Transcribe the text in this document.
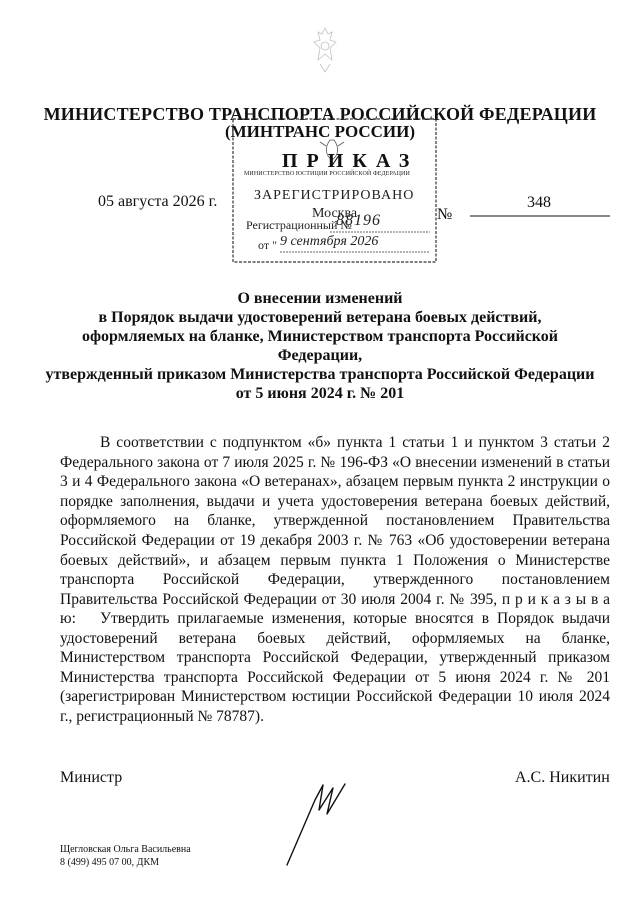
МИНИСТЕРСТВО ТРАНСПОРТА РОССИЙСКОЙ ФЕДЕРАЦИИ
(МИНТРАНС РОССИИ)
ПРИКАЗ
МИНИСТЕРСТВО ЮСТИЦИИ РОССИЙСКОЙ ФЕДЕРАЦИИ
ЗАРЕГИСТРИРОВАНО
Москва
Регистрационный №
88196
от " 9 сентября 2026
05 августа 2026 г.
№
348
О внесении изменений
в Порядок выдачи удостоверений ветерана боевых действий,
оформляемых на бланке, Министерством транспорта Российской Федерации,
утвержденный приказом Министерства транспорта Российской Федерации
от 5 июня 2024 г. № 201
В соответствии с подпунктом «б» пункта 1 статьи 1 и пунктом 3 статьи 2 Федерального закона от 7 июля 2025 г. № 196-ФЗ «О внесении изменений в статьи 3 и 4 Федерального закона «О ветеранах», абзацем первым пункта 2 инструкции о порядке заполнения, выдачи и учета удостоверения ветерана боевых действий, оформляемого на бланке, утвержденной постановлением Правительства Российской Федерации от 19 декабря 2003 г. № 763 «Об удостоверении ветерана боевых действий», и абзацем первым пункта 1 Положения о Министерстве транспорта Российской Федерации, утвержденного постановлением Правительства Российской Федерации от 30 июля 2004 г. № 395, п р и к а з ы в а ю:	Утвердить прилагаемые изменения, которые вносятся в Порядок выдачи удостоверений ветерана боевых действий, оформляемых на бланке, Министерством транспорта Российской Федерации, утвержденный приказом Министерства транспорта Российской Федерации от 5 июня 2024 г. № 201 (зарегистрирован Министерством юстиции Российской Федерации 10 июля 2024 г., регистрационный № 78787).
Министр	А.С. Никитин
Щегловская Ольга Васильевна
8 (499) 495 07 00, ДКМ
